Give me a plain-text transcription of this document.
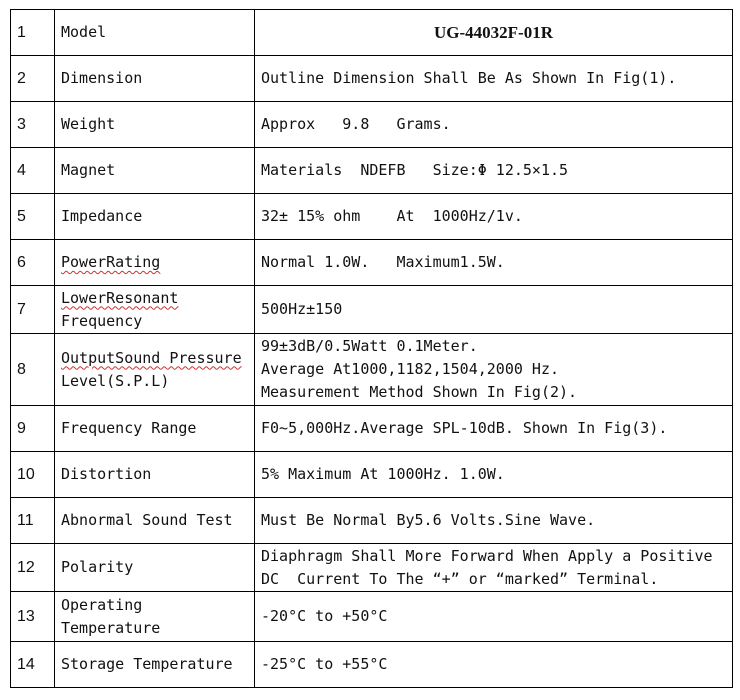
1	Model	UG-44032F-01R

2	Dimension	Outline Dimension Shall Be As Shown In Fig(1).

3	Weight	Approx   9.8   Grams.

4	Magnet	Materials  NDEFB   Size:Φ 12.5×1.5

5	Impedance	32± 15% ohm    At  1000Hz/1v.

6	PowerRating	Normal 1.0W.   Maximum1.5W.

7	LowerResonant
Frequency	500Hz±150

8	OutputSound Pressure
Level(S.P.L)	99±3dB/0.5Watt 0.1Meter.
Average At1000,1182,1504,2000 Hz.
Measurement Method Shown In Fig(2).

9	Frequency Range	F0~5,000Hz.Average SPL-10dB. Shown In Fig(3).

10	Distortion	5% Maximum At 1000Hz. 1.0W.

11	Abnormal Sound Test	Must Be Normal By5.6 Volts.Sine Wave.

12	Polarity	Diaphragm Shall More Forward When Apply a Positive
DC  Current To The “+” or “marked” Terminal.

13	Operating
Temperature	-20°C to +50°C

14	Storage Temperature	-25°C to +55°C
